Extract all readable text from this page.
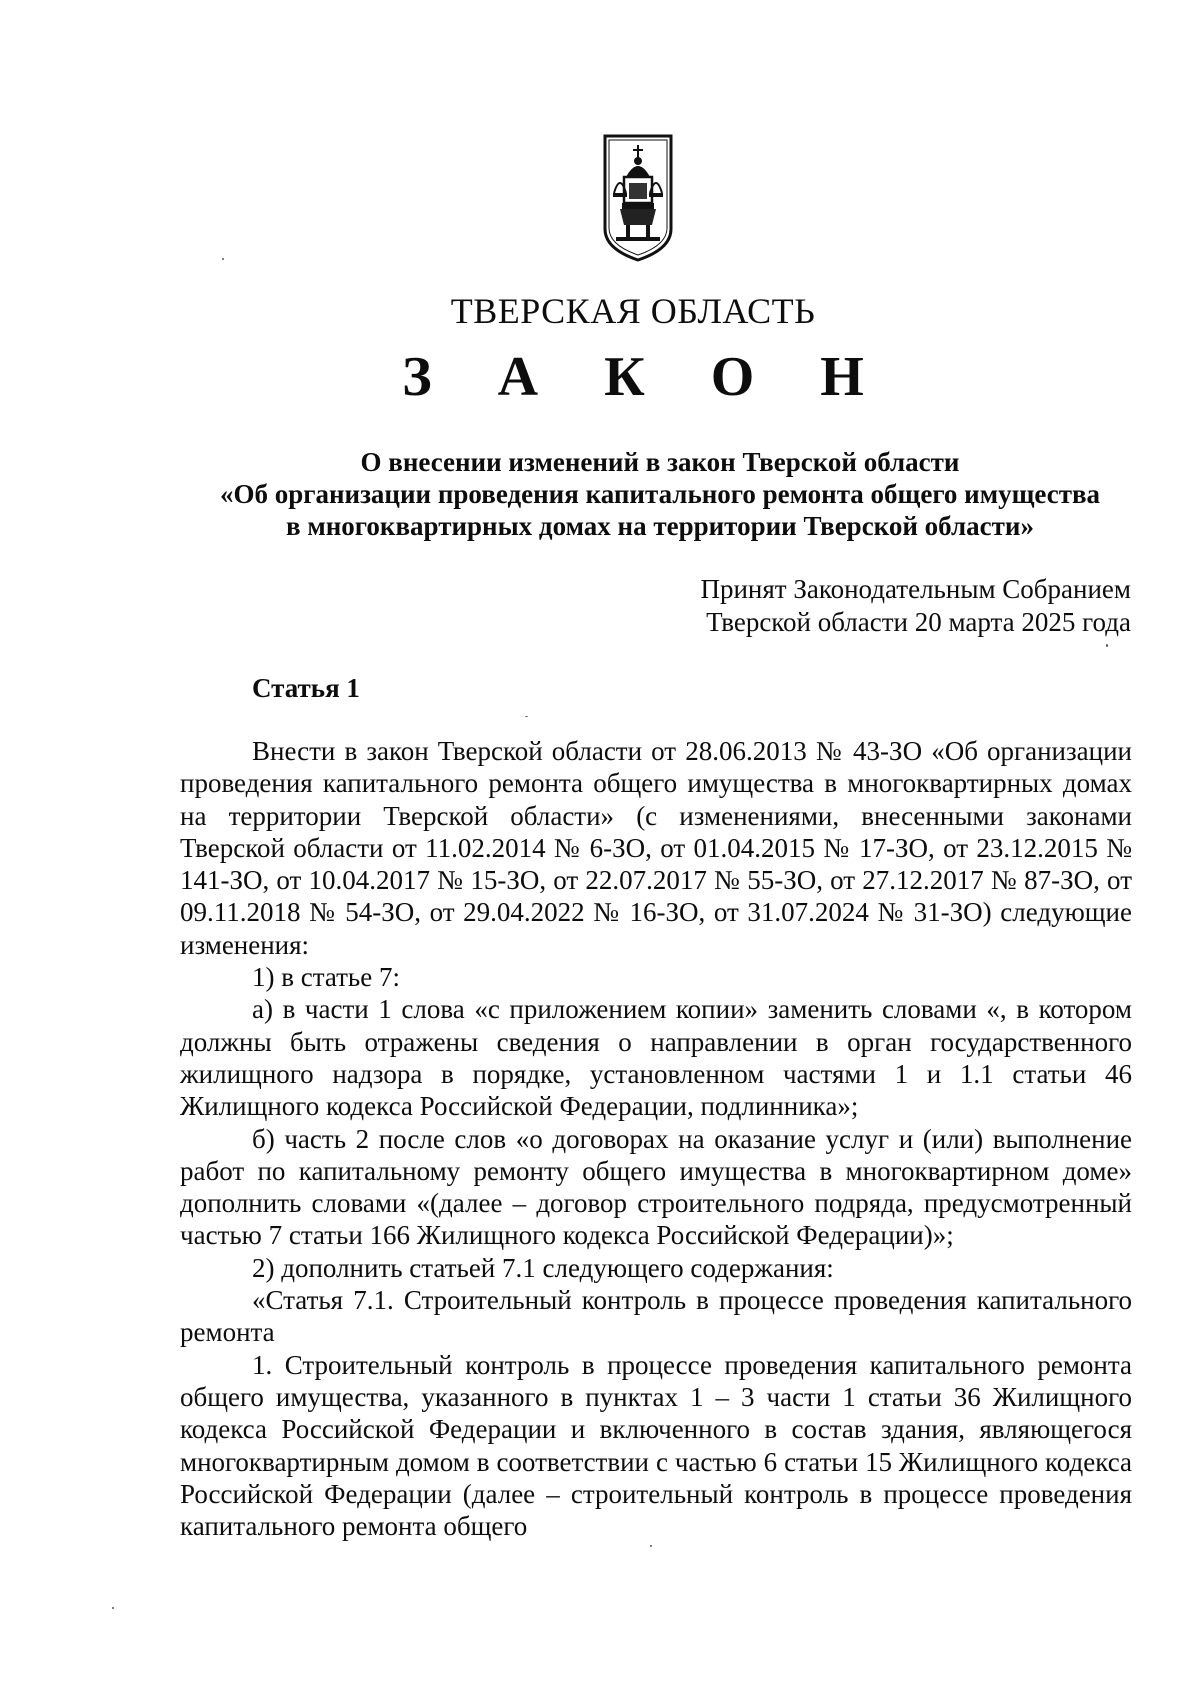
ТВЕРСКАЯ ОБЛАСТЬ
З А К О Н
О внесении изменений в закон Тверской области
«Об организации проведения капитального ремонта общего имущества
в многоквартирных домах на территории Тверской области»
Принят Законодательным Собранием
Тверской области 20 марта 2025 года
Статья 1

Внести в закон Тверской области от 28.06.2013 № 43-ЗО «Об организации проведения капитального ремонта общего имущества в многоквартирных домах на территории Тверской области» (с изменениями, внесенными законами Тверской области от 11.02.2014 № 6-ЗО, от 01.04.2015 № 17-ЗО, от 23.12.2015 № 141-ЗО, от 10.04.2017 № 15-ЗО, от 22.07.2017 № 55-ЗО, от 27.12.2017 № 87-ЗО, от 09.11.2018 № 54-ЗО, от 29.04.2022 № 16-ЗО, от 31.07.2024 № 31-ЗО) следующие изменения:

1) в статье 7:

а) в части 1 слова «с приложением копии» заменить словами «, в котором должны быть отражены сведения о направлении в орган государственного жилищного надзора в порядке, установленном частями 1 и 1.1 статьи 46 Жилищного кодекса Российской Федерации, подлинника»;

б) часть 2 после слов «о договорах на оказание услуг и (или) выполнение работ по капитальному ремонту общего имущества в многоквартирном доме» дополнить словами «(далее – договор строительного подряда, предусмотренный частью 7 статьи 166 Жилищного кодекса Российской Федерации)»;

2) дополнить статьей 7.1 следующего содержания:

«Статья 7.1. Строительный контроль в процессе проведения капитального ремонта

1. Строительный контроль в процессе проведения капитального ремонта общего имущества, указанного в пунктах 1 – 3 части 1 статьи 36 Жилищного кодекса Российской Федерации и включенного в состав здания, являющегося многоквартирным домом в соответствии с частью 6 статьи 15 Жилищного кодекса Российской Федерации (далее – строительный контроль в процессе проведения капитального ремонта общего
